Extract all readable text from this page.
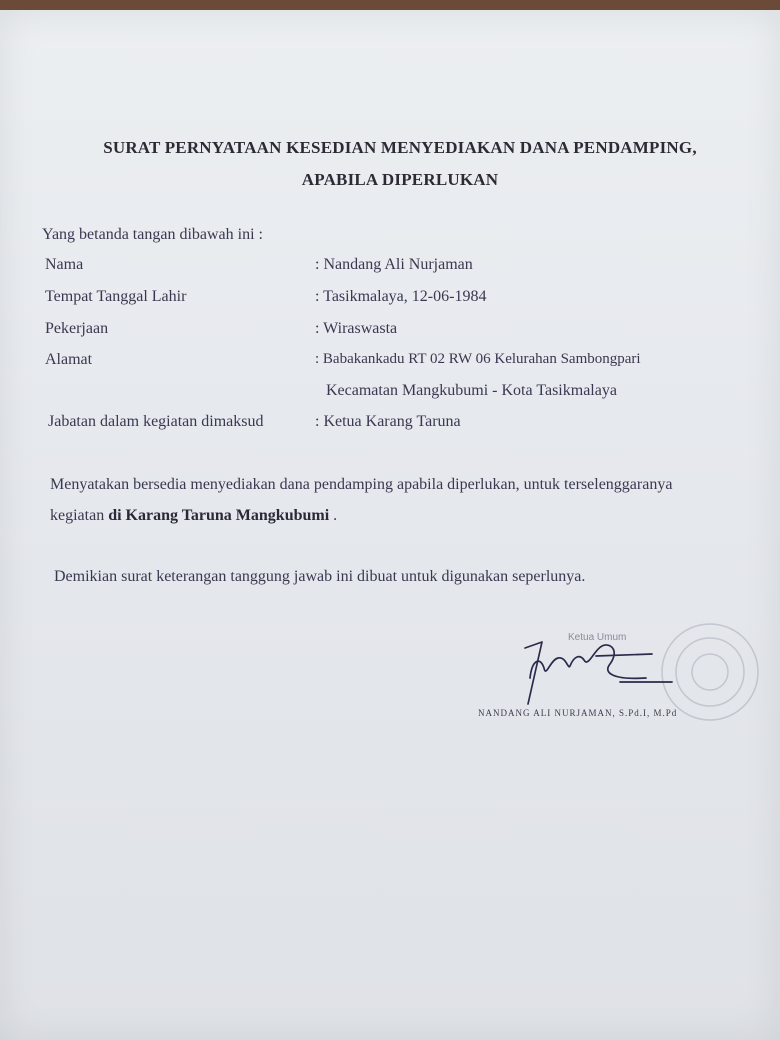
SURAT PERNYATAAN KESEDIAN MENYEDIAKAN DANA PENDAMPING,
APABILA DIPERLUKAN
Yang betanda tangan dibawah ini :
Nama	: Nandang Ali Nurjaman
Tempat Tanggal Lahir	: Tasikmalaya, 12-06-1984
Pekerjaan	: Wiraswasta
Alamat	: Babakankadu RT 02 RW 06 Kelurahan Sambongpari
Kecamatan Mangkubumi - Kota Tasikmalaya
Jabatan dalam kegiatan dimaksud	: Ketua Karang Taruna
Menyatakan bersedia menyediakan dana pendamping apabila diperlukan, untuk terselenggaranya
kegiatan di Karang Taruna Mangkubumi .
Demikian surat keterangan tanggung jawab ini dibuat untuk digunakan seperlunya.
Ketua Umum
NANDANG ALI NURJAMAN, S.Pd.I, M.Pd
